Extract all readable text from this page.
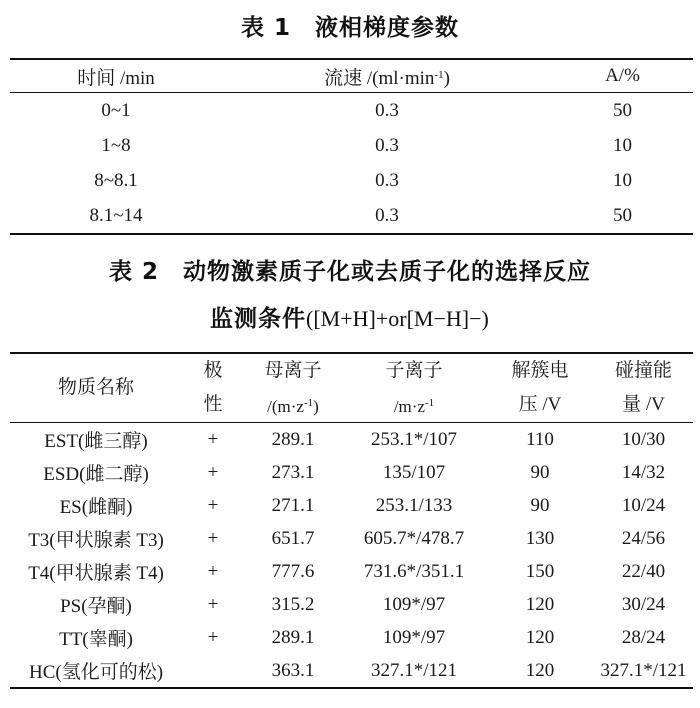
表 1 液相梯度参数
时间 /min	流速 $/(ml\cdot\min^{-1})$	A/%
0~1	0.3	50
1~8	0.3	10
8~8.1	0.3	10
8.1~14	0.3	50
表 2 动物激素质子化或去质子化的选择反应
监测条件([M+H]+or[M−H]−)
物质名称	极	母离子	子离子	解簇电	碰撞能
	性	$/(m\cdot z^{-1})$	$/m\cdot z^{-1}$	压 /V	量 /V
EST(雌三醇)	+	289.1	253.1*/107	110	10/30
ESD(雌二醇)	+	273.1	135/107	90	14/32
ES(雌酮)	+	271.1	253.1/133	90	10/24
T3(甲状腺素 T3)	+	651.7	605.7*/478.7	130	24/56
T4(甲状腺素 T4)	+	777.6	731.6*/351.1	150	22/40
PS(孕酮)	+	315.2	109*/97	120	30/24
TT(睾酮)	+	289.1	109*/97	120	28/24
HC(氢化可的松)		363.1	327.1*/121	120	327.1*/121
